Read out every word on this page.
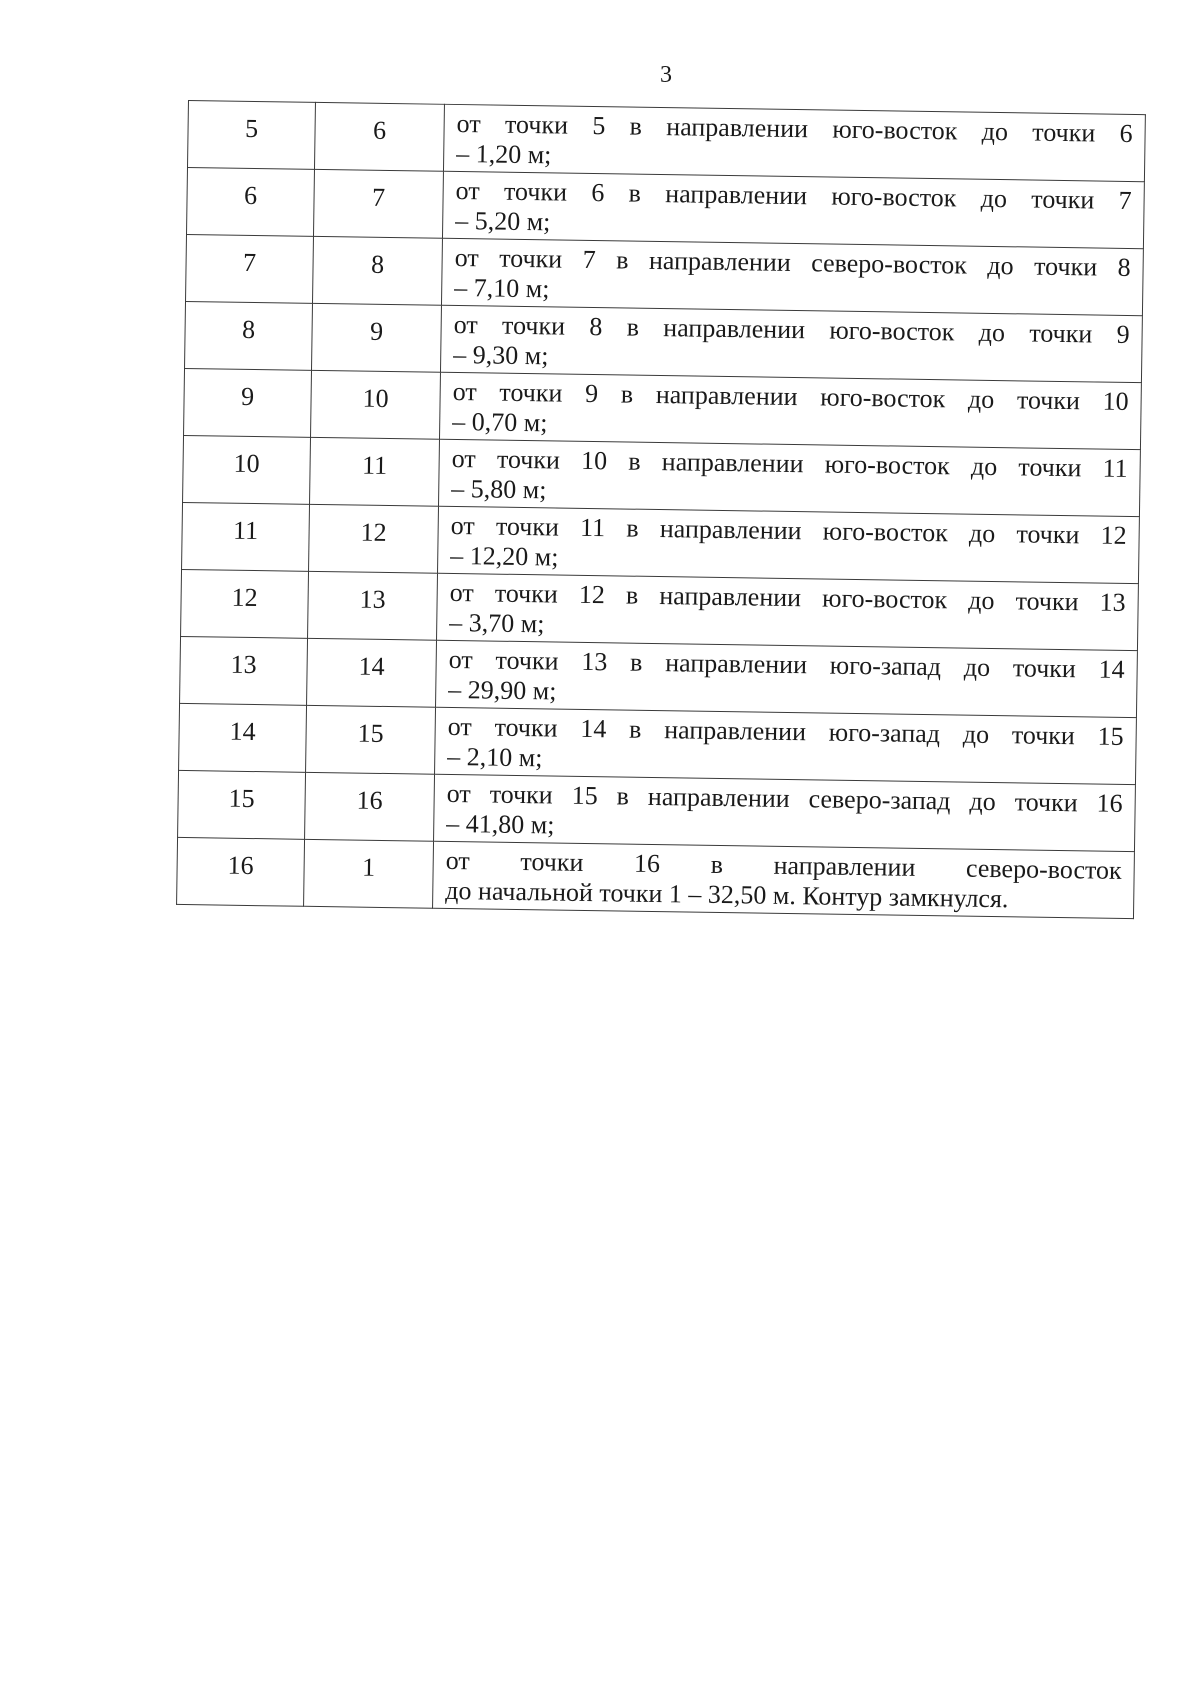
3
5	6	от точки 5 в направлении юго-восток до точки 6
– 1,20 м;

6	7	от точки 6 в направлении юго-восток до точки 7
– 5,20 м;

7	8	от точки 7 в направлении северо-восток до точки 8
– 7,10 м;

8	9	от точки 8 в направлении юго-восток до точки 9
– 9,30 м;

9	10	от точки 9 в направлении юго-восток до точки 10
– 0,70 м;

10	11	от точки 10 в направлении юго-восток до точки 11
– 5,80 м;

11	12	от точки 11 в направлении юго-восток до точки 12
– 12,20 м;

12	13	от точки 12 в направлении юго-восток до точки 13
– 3,70 м;

13	14	от точки 13 в направлении юго-запад до точки 14
– 29,90 м;

14	15	от точки 14 в направлении юго-запад до точки 15
– 2,10 м;

15	16	от точки 15 в направлении северо-запад до точки 16
– 41,80 м;

16	1	от точки 16 в направлении северо-восток
до начальной точки 1 – 32,50 м. Контур замкнулся.
